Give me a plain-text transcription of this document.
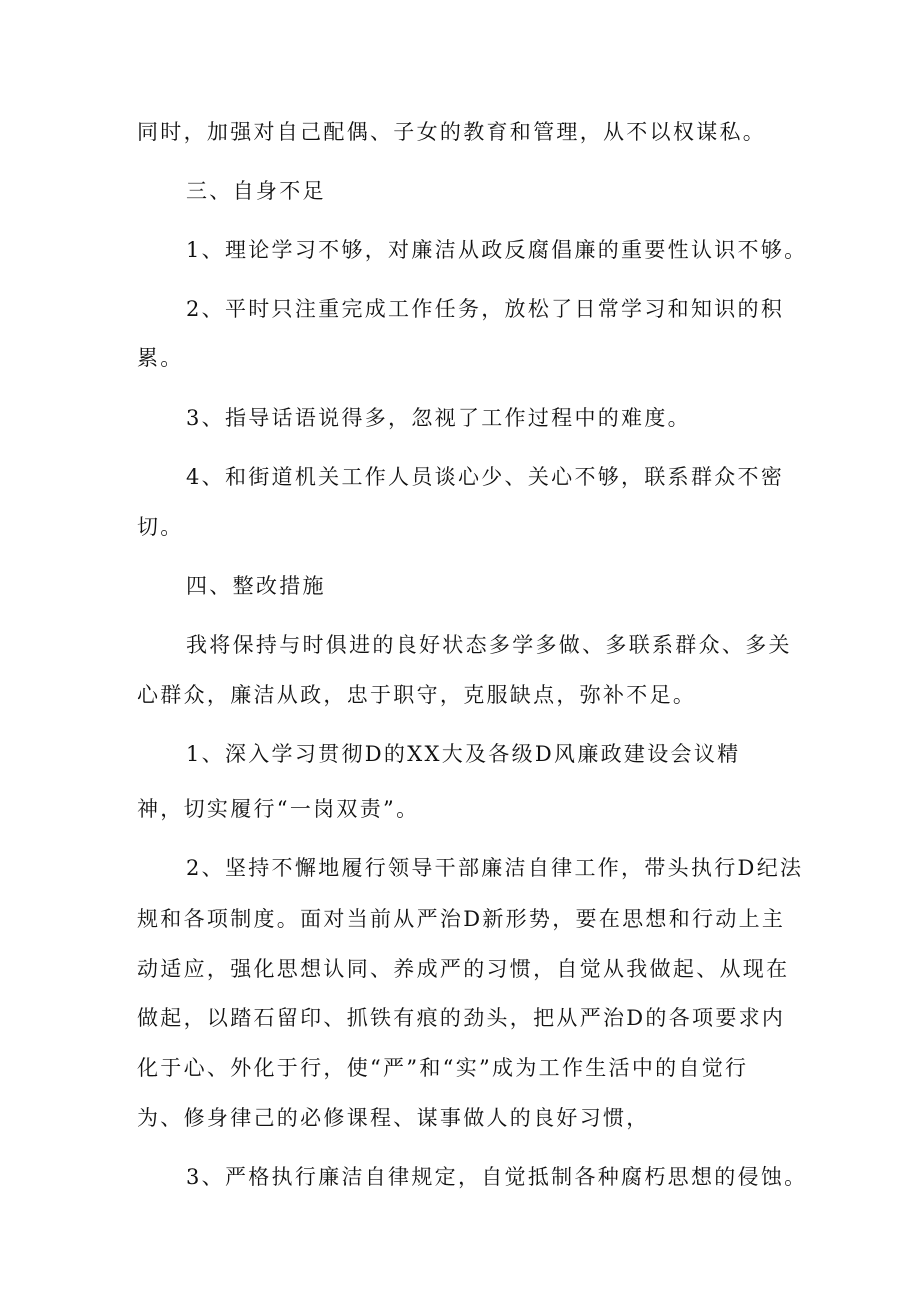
同时，加强对自己配偶、子女的教育和管理，从不以权谋私。
三、自身不足
1、理论学习不够，对廉洁从政反腐倡廉的重要性认识不够。
2、平时只注重完成工作任务，放松了日常学习和知识的积
累。
3、指导话语说得多，忽视了工作过程中的难度。
4、和街道机关工作人员谈心少、关心不够，联系群众不密
切。
四、整改措施
我将保持与时俱进的良好状态多学多做、多联系群众、多关
心群众，廉洁从政，忠于职守，克服缺点，弥补不足。
1、深入学习贯彻D的XX大及各级D风廉政建设会议精
神，切实履行“一岗双责”。
2、坚持不懈地履行领导干部廉洁自律工作，带头执行D纪法
规和各项制度。面对当前从严治D新形势，要在思想和行动上主
动适应，强化思想认同、养成严的习惯，自觉从我做起、从现在
做起，以踏石留印、抓铁有痕的劲头，把从严治D的各项要求内
化于心、外化于行，使“严”和“实”成为工作生活中的自觉行
为、修身律己的必修课程、谋事做人的良好习惯，
3、严格执行廉洁自律规定，自觉抵制各种腐朽思想的侵蚀。
